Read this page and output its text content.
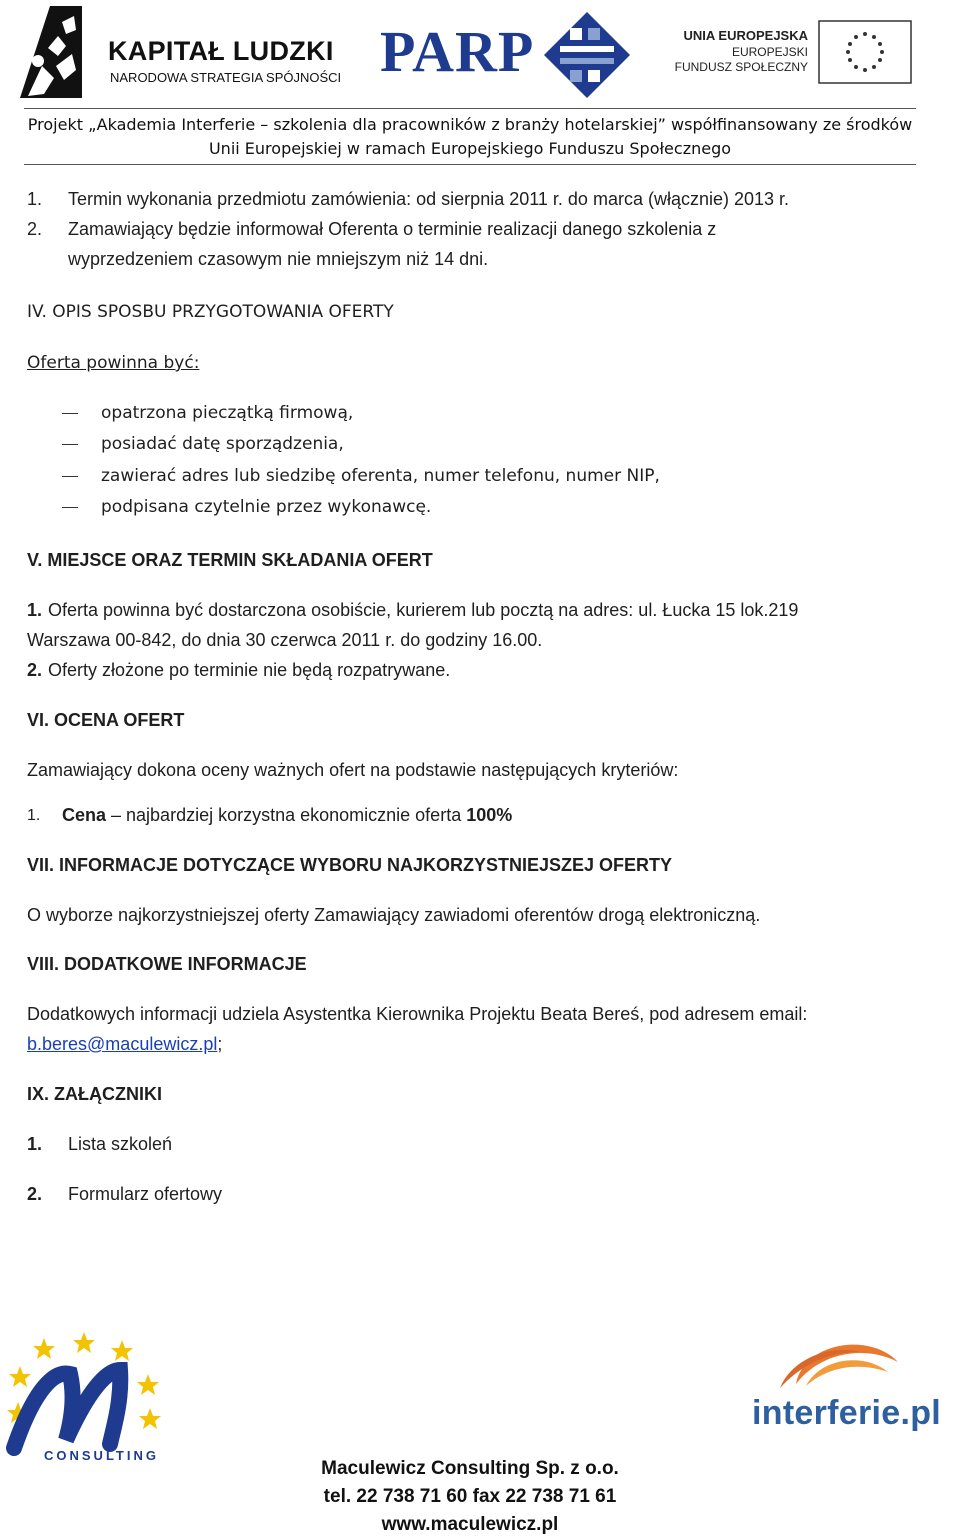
KAPITAŁ LUDZKI
NARODOWA STRATEGIA SPÓJNOŚCI PARP	UNIA EUROPEJSKA
EUROPEJSKI
FUNDUSZ SPOŁECZNY
Projekt „Akademia Interferie – szkolenia dla pracowników z branży hotelarskiej” współfinansowany ze środków
Unii Europejskiej w ramach Europejskiego Funduszu Społecznego
1. Termin wykonania przedmiotu zamówienia: od sierpnia 2011 r. do marca (włącznie) 2013 r.
2. Zamawiający będzie informował Oferenta o terminie realizacji danego szkolenia z
wyprzedzeniem czasowym nie mniejszym niż 14 dni.
IV. OPIS SPOSBU PRZYGOTOWANIA OFERTY
Oferta powinna być:
opatrzona pieczątką firmową,
posiadać datę sporządzenia,
zawierać adres lub siedzibę oferenta, numer telefonu, numer NIP,
podpisana czytelnie przez wykonawcę.
V. MIEJSCE ORAZ TERMIN SKŁADANIA OFERT
1. Oferta powinna być dostarczona osobiście, kurierem lub pocztą na adres: ul. Łucka 15 lok.219
Warszawa 00-842, do dnia 30 czerwca 2011 r. do godziny 16.00.
2. Oferty złożone po terminie nie będą rozpatrywane.
VI. OCENA OFERT
Zamawiający dokona oceny ważnych ofert na podstawie następujących kryteriów:
1. Cena – najbardziej korzystna ekonomicznie oferta 100%
VII. INFORMACJE DOTYCZĄCE WYBORU NAJKORZYSTNIEJSZEJ OFERTY
O wyborze najkorzystniejszej oferty Zamawiający zawiadomi oferentów drogą elektroniczną.
VIII. DODATKOWE INFORMACJE
Dodatkowych informacji udziela Asystentka Kierownika Projektu Beata Bereś, pod adresem email:
b.beres@maculewicz.pl;
IX. ZAŁĄCZNIKI
1. Lista szkoleń
2. Formularz ofertowy
CONSULTING
interferie.pl
Maculewicz Consulting Sp. z o.o.
tel. 22 738 71 60 fax 22 738 71 61
www.maculewicz.pl
